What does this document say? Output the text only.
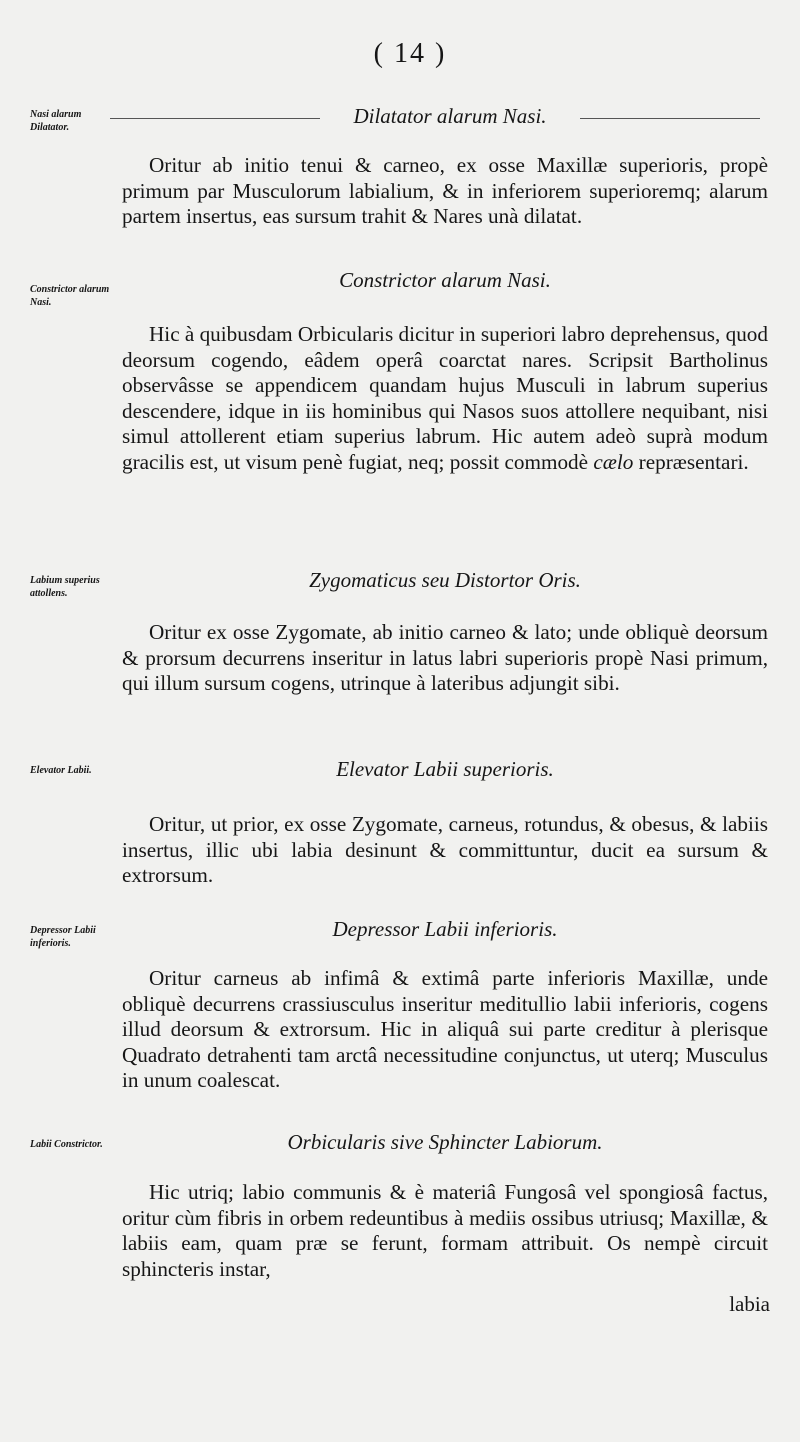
( 14 )
Nasi alarum Dilatator.	Dilatator alarum Nasi.
Oritur ab initio tenui & carneo, ex osse Maxillæ superioris, propè primum par Musculorum labialium, & in inferiorem superioremq; alarum partem insertus, eas sursum trahit & Nares unà dilatat.
Constrictor alarum Nasi.
Constrictor alarum Nasi.
Hic à quibusdam Orbicularis dicitur in superiori labro deprehensus, quod deorsum cogendo, eâdem operâ coarctat nares. Scripsit Bartholinus observâsse se appendicem quandam hujus Musculi in labrum superius descendere, idque in iis hominibus qui Nasos suos attollere nequibant, nisi simul attollerent etiam superius labrum. Hic autem adeò suprà modum gracilis est, ut visum penè fugiat, neq; possit commodè cælo repræsentari.
Labium superius attollens.
Zygomaticus seu Distortor Oris.
Oritur ex osse Zygomate, ab initio carneo & lato; unde obliquè deorsum & prorsum decurrens inseritur in latus labri superioris propè Nasi primum, qui illum sursum cogens, utrinque à lateribus adjungit sibi.
Elevator Labii.	Elevator Labii superioris.
Oritur, ut prior, ex osse Zygomate, carneus, rotundus, & obesus, & labiis insertus, illic ubi labia desinunt & committuntur, ducit ea sursum & extrorsum.
Depressor Labii inferioris.
Depressor Labii inferioris.
Oritur carneus ab infimâ & extimâ parte inferioris Maxillæ, unde obliquè decurrens crassiusculus inseritur meditullio labii inferioris, cogens illud deorsum & extrorsum. Hic in aliquâ sui parte creditur à plerisque Quadrato detrahenti tam arctâ necessitudine conjunctus, ut uterq; Musculus in unum coalescat.
Labii Constrictor.	Orbicularis sive Sphincter Labiorum.
Hic utriq; labio communis & è materiâ Fungosâ vel spongiosâ factus, oritur cùm fibris in orbem redeuntibus à mediis ossibus utriusq; Maxillæ, & labiis eam, quam præ se ferunt, formam attribuit. Os nempè circuit sphincteris instar,
labia
